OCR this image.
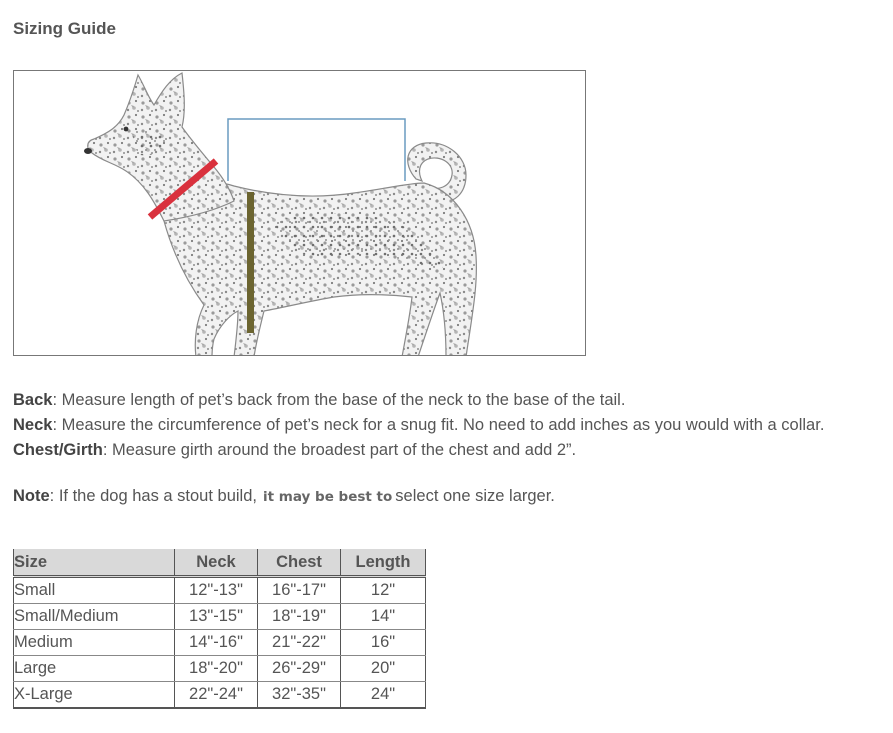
Sizing Guide
Back: Measure length of pet’s back from the base of the neck to the base of the tail.
Neck: Measure the circumference of pet’s neck for a snug fit. No need to add inches as you would with a collar.
Chest/Girth: Measure girth around the broadest part of the chest and add 2”.
Note: If the dog has a stout build, it may be best to select one size larger.
Size	Neck	Chest	Length
Small	12"-13"	16"-17"	12"
Small/Medium	13"-15"	18"-19"	14"
Medium	14"-16"	21"-22"	16"
Large	18"-20"	26"-29"	20"
X-Large	22"-24"	32"-35"	24"
